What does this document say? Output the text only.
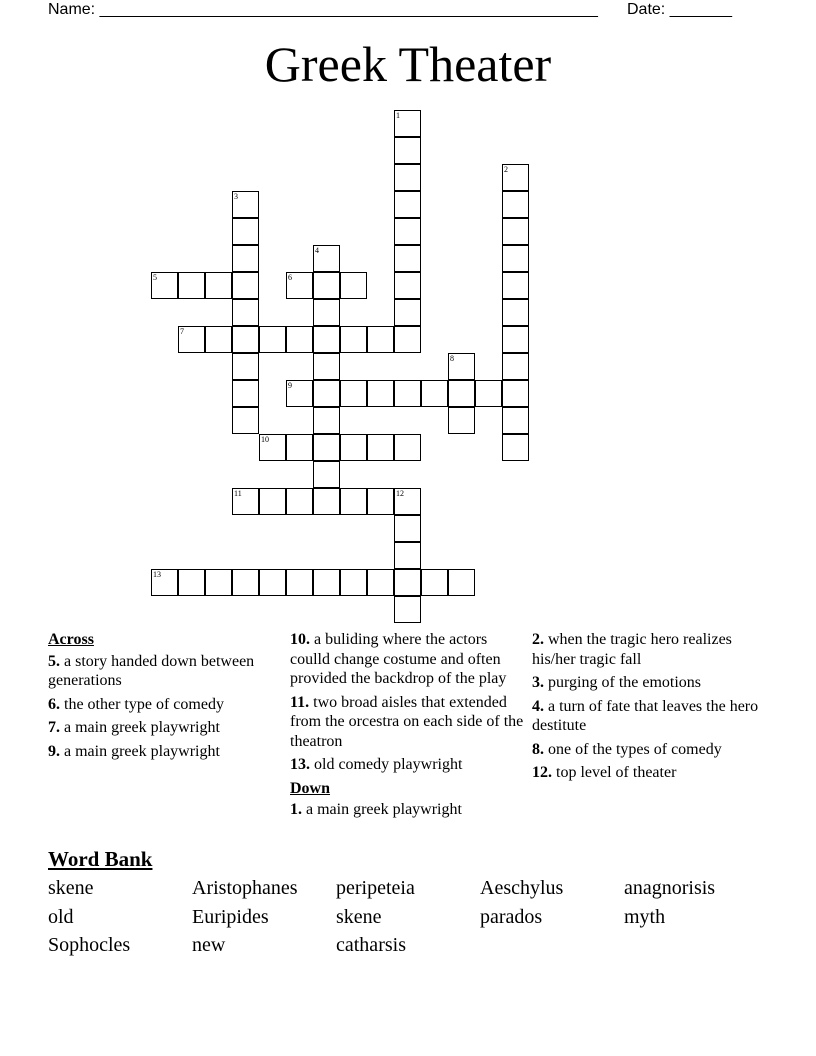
Name: ________________________________________________________

Date: _______

Greek Theater
1
2
3
4
5	6
7
8
9
10
11	12
13
Across
5. a story handed down between generations
6. the other type of comedy
7. a main greek playwright
9. a main greek playwright
10. a buliding where the actors coulld change costume and often provided the backdrop of the play
11. two broad aisles that extended from the orcestra on each side of the theatron
13. old comedy playwright
Down
1. a main greek playwright
2. when the tragic hero realizes his/her tragic fall
3. purging of the emotions
4. a turn of fate that leaves the hero destitute
8. one of the types of comedy
12. top level of theater
Word Bank
skene	Aristophanes	peripeteia	Aeschylus	anagnorisis
old	Euripides	skene	parados	myth
Sophocles	new	catharsis
